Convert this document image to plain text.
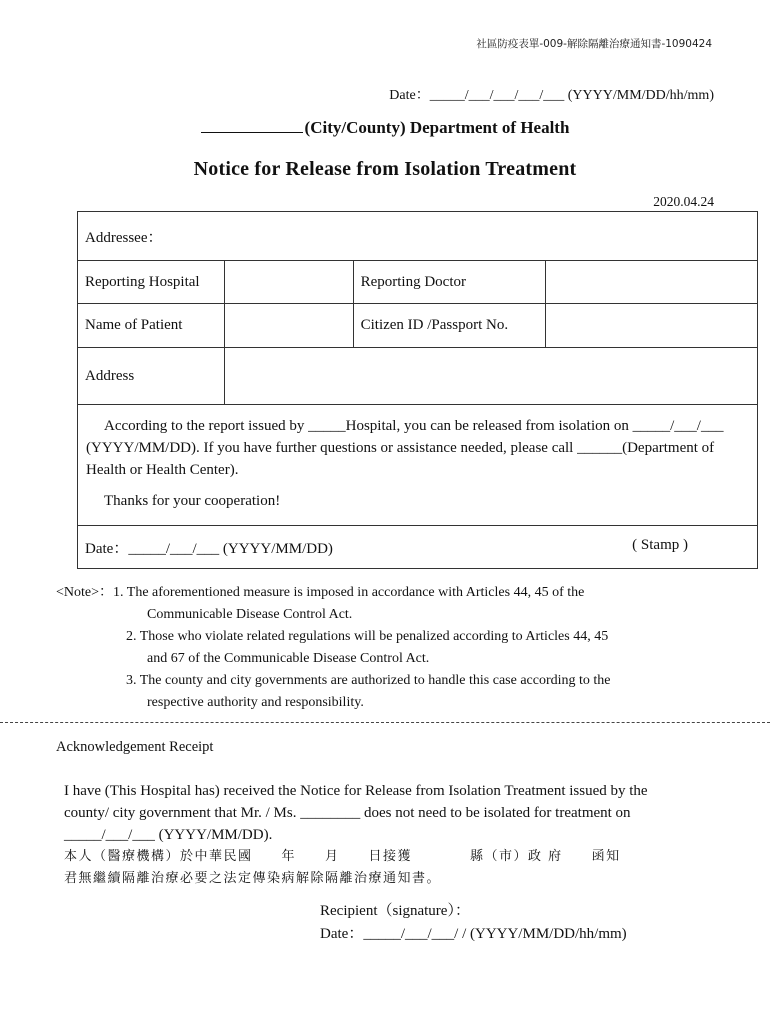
社區防疫表單-009-解除隔離治療通知書-1090424
Date：_____/___/___/___/___ (YYYY/MM/DD/hh/mm)
(City/County) Department of Health
Notice for Release from Isolation Treatment
2020.04.24
Addressee：			
Reporting Hospital		Reporting Doctor	
Name of Patient		Citizen ID /Passport No.	
Address			

According to the report issued by _____Hospital, you can be released from isolation on _____/___/___ (YYYY/MM/DD). If you have further questions or assistance needed, please call ______(Department of Health or Health Center).
Thanks for your cooperation!			

Date：_____/___/___ (YYYY/MM/DD) ( Stamp )			
<Note>：1. The aforementioned measure is imposed in accordance with Articles 44, 45 of the
Communicable Disease Control Act.
2. Those who violate related regulations will be penalized according to Articles 44, 45
and 67 of the Communicable Disease Control Act.
3. The county and city governments are authorized to handle this case according to the
respective authority and responsibility.
Acknowledgement Receipt
I have (This Hospital has) received the Notice for Release from Isolation Treatment issued by the
county/ city government that Mr. / Ms. ________ does not need to be isolated for treatment on
_____/___/___ (YYYY/MM/DD).
本人（醫療機構）於中華民國　　年　　月　　日接獲　　　　縣（市）政 府　　函知
君無繼續隔離治療必要之法定傳染病解除隔離治療通知書。
Recipient（signature）：
Date：_____/___/___/ / (YYYY/MM/DD/hh/mm)
